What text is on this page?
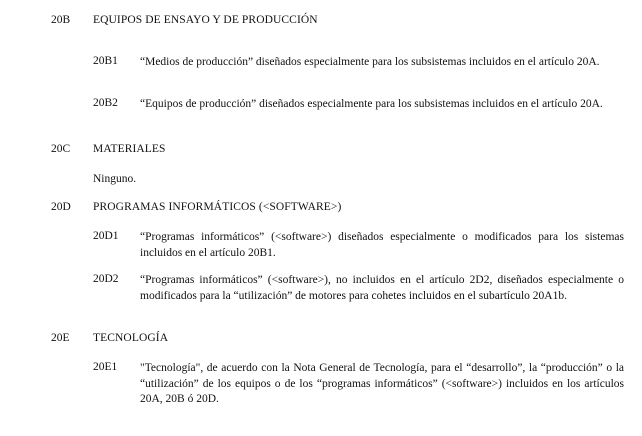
20B EQUIPOS DE ENSAYO Y DE PRODUCCIÓN
20B1 “Medios de producción” diseñados especialmente para los subsistemas incluidos en el artículo 20A.
20B2 “Equipos de producción” diseñados especialmente para los subsistemas incluidos en el artículo 20A.
20C MATERIALES
Ninguno.
20D PROGRAMAS INFORMÁTICOS (<SOFTWARE>)
20D1 “Programas informáticos” (<software>) diseñados especialmente o modificados para los sistemas incluidos en el artículo 20B1.
20D2 “Programas informáticos” (<software>), no incluidos en el artículo 2D2, diseñados especialmente o modificados para la “utilización” de motores para cohetes incluidos en el subartículo 20A1b.
20E TECNOLOGÍA
20E1 "Tecnología", de acuerdo con la Nota General de Tecnología, para el “desarrollo”, la “producción” o la “utilización” de los equipos o de los “programas informáticos” (<software>) incluidos en los artículos 20A, 20B ó 20D.
